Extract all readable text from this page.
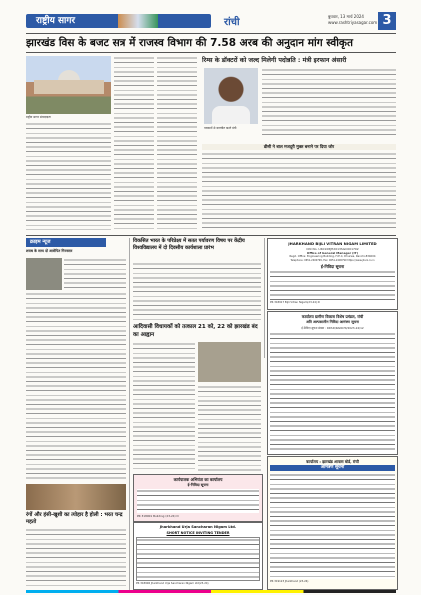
राष्ट्रीय सागर	रांची
बुधवार, 13 मार्च 2024
www.rashtriyasagar.com 3
झारखंड विस के बजट सत्र में राजस्व विभाग की 7.58 अरब की अनुदान मांग स्वीकृत
राष्ट्रीय सागर संवाददाता
रिम्स के डॉक्टरों को जल्द मिलेगी पदोन्नति : मंत्री इरफान अंसारी
पत्रकारों से बातचीत करते मंत्री
डीसी ने बाल मजदूरी मुक्त बनाने पर दिया जोर
क्राइम न्यूज
शराब के साथ दो आरोपित गिरफ्तार
रंगों और हंसी-खुशी का त्योहार है होली : भरत चन्द्र महतो
विकसित भारत के परिप्रेक्ष्य में सतत पर्यावरण विषय पर केंद्रीय विश्वविद्यालय में दो दिवसीय कार्यशाला प्रारंभ
आदिवासी विधायकों को तत्काल 21 को, 22 को झारखंड बंद का आह्वान
कार्यपालक अभियंता का कार्यालय
ई-निविदा सूचना
PR 318901 Building (23-24) D
Jharkhand Urja Sancharan Nigam Ltd.
SHORT NOTICE INVITING TENDER
PR 318906 Jharkhand Urja Sancharan Nigam Ltd(23-24)
JHARKHAND BIJLI VITRAN NIGAM LIMITED
CIN No. U40108JH2013SGC001702
Office of General Manager (IT)
Regd. Office: Engineering Building, H.E.C, Dhurwa, Ranchi-834004
Telephone: 0651-2400799, Fax: 0651-2400799 https://www.jbvnl.co.in
ई-निविदा सूचना
PR 318917 Bijli Vitran Nigam(23-24):D
कार्यालय ग्रामीण विकास विशेष प्रमंडल, रांची
अति अल्पकालीन निविदा आमंत्रण सूचना
ई-निविदा सूचना संख्या : RDSD/RANCHI/2023-24/12
कार्यालय : झारखंड आवास बोर्ड, रांची
आमंत्रण सूचना
PR 319123 Jharkhand (23-24)
